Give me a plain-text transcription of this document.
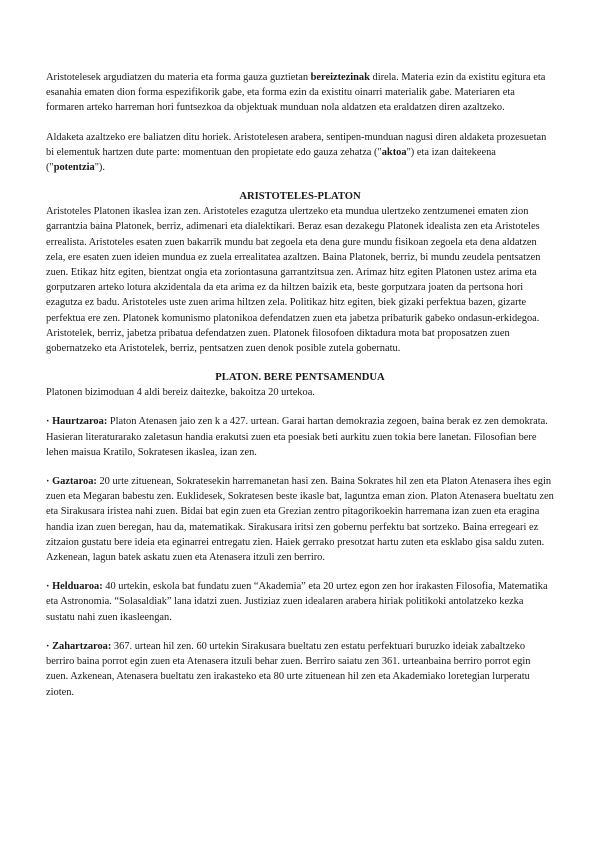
Aristotelesek argudiatzen du materia eta forma gauza guztietan bereiztezinak direla. Materia ezin da existitu egitura eta esanahia ematen dion forma espezifikorik gabe, eta forma ezin da existitu oinarri materialik gabe. Materiaren eta formaren arteko harreman hori funtsezkoa da objektuak munduan nola aldatzen eta eraldatzen diren azaltzeko.

Aldaketa azaltzeko ere baliatzen ditu horiek. Aristotelesen arabera, sentipen-munduan nagusi diren aldaketa prozesuetan bi elementuk hartzen dute parte: momentuan den propietate edo gauza zehatza ("aktoa") eta izan daitekeena ("potentzia").

ARISTOTELES-PLATON

Aristoteles Platonen ikaslea izan zen. Aristoteles ezagutza ulertzeko eta mundua ulertzeko zentzumenei ematen zion garrantzia baina Platonek, berriz, adimenari eta dialektikari. Beraz esan dezakegu Platonek idealista zen eta Aristoteles errealista. Aristoteles esaten zuen bakarrik mundu bat zegoela eta dena gure mundu fisikoan zegoela eta dena aldatzen zela, ere esaten zuen ideien mundua ez zuela errealitatea azaltzen. Baina Platonek, berriz, bi mundu zeudela pentsatzen zuen. Etikaz hitz egiten, bientzat ongia eta zoriontasuna garrantzitsua zen. Arimaz hitz egiten Platonen ustez arima eta gorputzaren arteko lotura akzidentala da eta arima ez da hiltzen baizik eta, beste gorputzara joaten da pertsona hori ezagutza ez badu. Aristoteles uste zuen arima hiltzen zela. Politikaz hitz egiten, biek gizaki perfektua bazen, gizarte perfektua ere zen. Platonek komunismo platonikoa defendatzen zuen eta jabetza pribaturik gabeko ondasun-erkidegoa. Aristotelek, berriz, jabetza pribatua defendatzen zuen. Platonek filosofoen diktadura mota bat proposatzen zuen gobernatzeko eta Aristotelek, berriz, pentsatzen zuen denok posible zutela gobernatu.

PLATON. BERE PENTSAMENDUA

Platonen bizimoduan 4 aldi bereiz daitezke, bakoitza 20 urtekoa.

· Haurtzaroa: Platon Atenasen jaio zen k a 427. urtean. Garai hartan demokrazia zegoen, baina berak ez zen demokrata. Hasieran literaturarako zaletasun handia erakutsi zuen eta poesiak beti aurkitu zuen tokia bere lanetan. Filosofian bere lehen maisua Kratilo, Sokratesen ikaslea, izan zen.

· Gaztaroa: 20 urte zituenean, Sokratesekin harremanetan hasi zen. Baina Sokrates hil zen eta Platon Atenasera ihes egin zuen eta Megaran babestu zen. Euklidesek, Sokratesen beste ikasle bat, laguntza eman zion. Platon Atenasera bueltatu zen eta Sirakusara iristea nahi zuen. Bidai bat egin zuen eta Grezian zentro pitagorikoekin harremana izan zuen eta eragina handia izan zuen beregan, hau da, matematikak. Sirakusara iritsi zen gobernu perfektu bat sortzeko. Baina erregeari ez zitzaion gustatu bere ideia eta eginarrei entregatu zien. Haiek gerrako presotzat hartu zuten eta esklabo gisa saldu zuten. Azkenean, lagun batek askatu zuen eta Atenasera itzuli zen berriro.

· Helduaroa: 40 urtekin, eskola bat fundatu zuen “Akademia” eta 20 urtez egon zen hor irakasten Filosofia, Matematika eta Astronomia. “Solasaldiak” lana idatzi zuen. Justiziaz zuen idealaren arabera hiriak politikoki antolatzeko kezka sustatu nahi zuen ikasleengan.

· Zahartzaroa: 367. urtean hil zen. 60 urtekin Sirakusara bueltatu zen estatu perfektuari buruzko ideiak zabaltzeko berriro baina porrot egin zuen eta Atenasera itzuli behar zuen. Berriro saiatu zen 361. urteanbaina berriro porrot egin zuen. Azkenean, Atenasera bueltatu zen irakasteko eta 80 urte zituenean hil zen eta Akademiako loretegian lurperatu zioten.
